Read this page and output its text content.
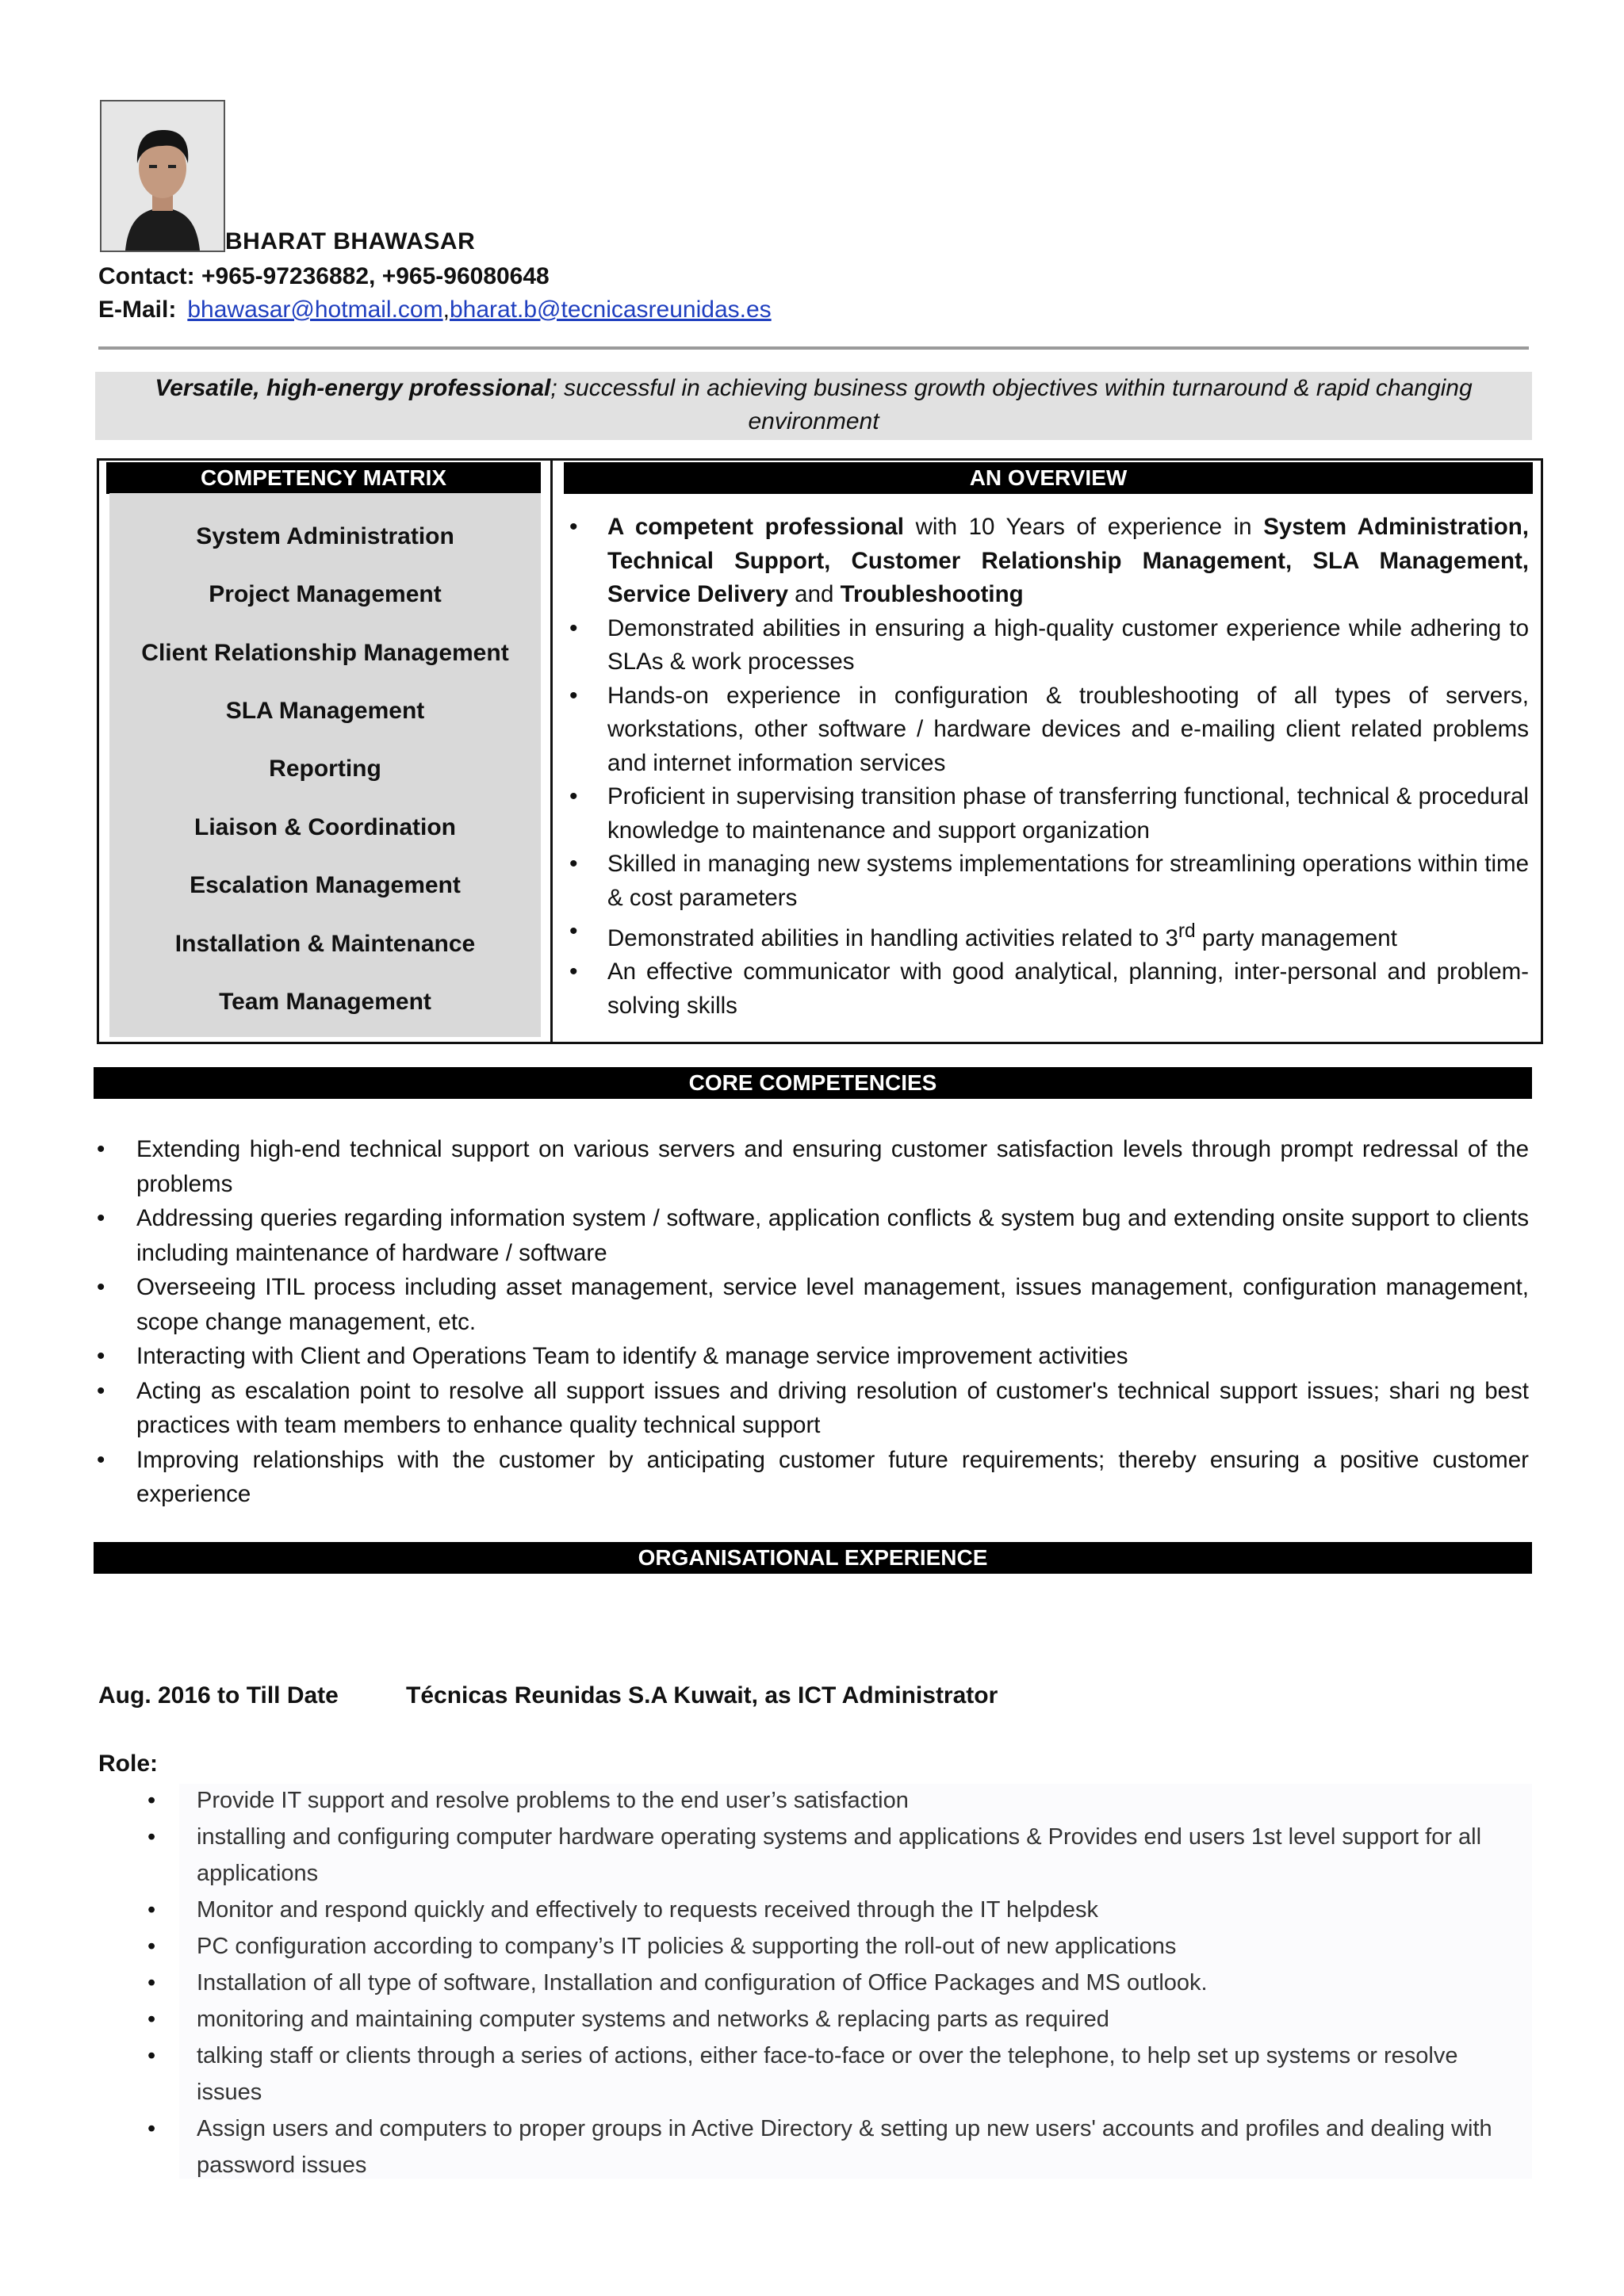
BHARAT BHAWASAR
Contact: +965-97236882, +965-96080648
E-Mail: bhawasar@hotmail.com,bharat.b@tecnicasreunidas.es
Versatile, high-energy professional; successful in achieving business growth objectives within turnaround & rapid changing environment
COMPETENCY MATRIX	AN OVERVIEW
System Administration
Project Management
Client Relationship Management
SLA Management
Reporting
Liaison & Coordination
Escalation Management
Installation & Maintenance
Team Management
• A competent professional with 10 Years of experience in System Administration, Technical Support, Customer Relationship Management, SLA Management, Service Delivery and Troubleshooting
• Demonstrated abilities in ensuring a high-quality customer experience while adhering to SLAs & work processes
• Hands-on experience in configuration & troubleshooting of all types of servers, workstations, other software / hardware devices and e-mailing client related problems and internet information services
• Proficient in supervising transition phase of transferring functional, technical & procedural knowledge to maintenance and support organization
• Skilled in managing new systems implementations for streamlining operations within time & cost parameters
• Demonstrated abilities in handling activities related to 3rd party management
• An effective communicator with good analytical, planning, inter-personal and problem-solving skills
CORE COMPETENCIES
• Extending high-end technical support on various servers and ensuring customer satisfaction levels through prompt redressal of the problems
• Addressing queries regarding information system / software, application conflicts & system bug and extending onsite support to clients including maintenance of hardware / software
• Overseeing ITIL process including asset management, service level management, issues management, configuration management, scope change management, etc.
• Interacting with Client and Operations Team to identify & manage service improvement activities
• Acting as escalation point to resolve all support issues and driving resolution of customer's technical support issues; shari ng best practices with team members to enhance quality technical support
• Improving relationships with the customer by anticipating customer future requirements; thereby ensuring a positive customer experience
ORGANISATIONAL EXPERIENCE
Aug. 2016 to Till Date	Técnicas Reunidas S.A Kuwait, as ICT Administrator
Role:
• Provide IT support and resolve problems to the end user’s satisfaction
• installing and configuring computer hardware operating systems and applications & Provides end users 1st level support for all applications
• Monitor and respond quickly and effectively to requests received through the IT helpdesk
• PC configuration according to company’s IT policies & supporting the roll-out of new applications
• Installation of all type of software, Installation and configuration of Office Packages and MS outlook.
• monitoring and maintaining computer systems and networks & replacing parts as required
• talking staff or clients through a series of actions, either face-to-face or over the telephone, to help set up systems or resolve issues
• Assign users and computers to proper groups in Active Directory & setting up new users' accounts and profiles and dealing with password issues
